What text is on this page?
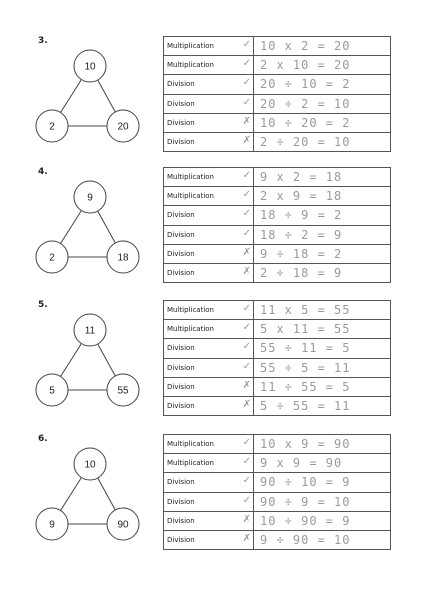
3.
10
2	20
Multiplication ✓	10 x 2 = 20
Multiplication ✓	2 x 10 = 20
Division ✓	20 ÷ 10 = 2
Division ✓	20 ÷ 2 = 10
Division ✗	10 ÷ 20 = 2
Division ✗	2 ÷ 20 = 10
4.
9
2	18
Multiplication ✓	9 x 2 = 18
Multiplication ✓	2 x 9 = 18
Division ✓	18 ÷ 9 = 2
Division ✓	18 ÷ 2 = 9
Division ✗	9 ÷ 18 = 2
Division ✗	2 ÷ 18 = 9
5.
11
5	55
Multiplication ✓	11 x 5 = 55
Multiplication ✓	5 x 11 = 55
Division ✓	55 ÷ 11 = 5
Division ✓	55 ÷ 5 = 11
Division ✗	11 ÷ 55 = 5
Division ✗	5 ÷ 55 = 11
6.
10
9	90
Multiplication ✓	10 x 9 = 90
Multiplication ✓	9 x 9 = 90
Division ✓	90 ÷ 10 = 9
Division ✓	90 ÷ 9 = 10
Division ✗	10 ÷ 90 = 9
Division ✗	9 ÷ 90 = 10
